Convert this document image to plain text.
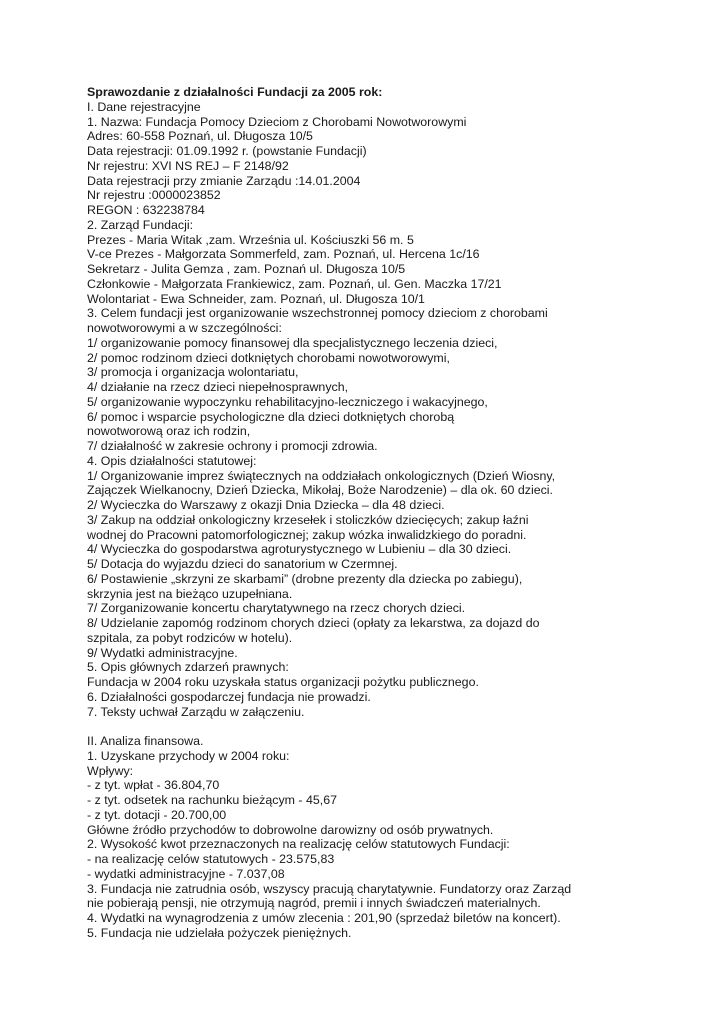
Sprawozdanie z działalności Fundacji za 2005 rok:
I. Dane rejestracyjne
1. Nazwa: Fundacja Pomocy Dzieciom z Chorobami Nowotworowymi
Adres: 60-558 Poznań, ul. Długosza 10/5
Data rejestracji: 01.09.1992 r. (powstanie Fundacji)
Nr rejestru: XVI NS REJ – F 2148/92
Data rejestracji przy zmianie Zarządu :14.01.2004
Nr rejestru :0000023852
REGON : 632238784
2. Zarząd Fundacji:
Prezes - Maria Witak ,zam. Września ul. Kościuszki 56 m. 5
V-ce Prezes - Małgorzata Sommerfeld, zam. Poznań, ul. Hercena 1c/16
Sekretarz - Julita Gemza , zam. Poznań ul. Długosza 10/5
Członkowie - Małgorzata Frankiewicz, zam. Poznań, ul. Gen. Maczka 17/21
Wolontariat - Ewa Schneider, zam. Poznań, ul. Długosza 10/1
3. Celem fundacji jest organizowanie wszechstronnej pomocy dzieciom z chorobami
nowotworowymi a w szczególności:
1/ organizowanie pomocy finansowej dla specjalistycznego leczenia dzieci,
2/ pomoc rodzinom dzieci dotkniętych chorobami nowotworowymi,
3/ promocja i organizacja wolontariatu,
4/ działanie na rzecz dzieci niepełnosprawnych,
5/ organizowanie wypoczynku rehabilitacyjno-leczniczego i wakacyjnego,
6/ pomoc i wsparcie psychologiczne dla dzieci dotkniętych chorobą
nowotworową oraz ich rodzin,
7/ działalność w zakresie ochrony i promocji zdrowia.
4. Opis działalności statutowej:
1/ Organizowanie imprez świątecznych na oddziałach onkologicznych (Dzień Wiosny,
Zajączek Wielkanocny, Dzień Dziecka, Mikołaj, Boże Narodzenie) – dla ok. 60 dzieci.
2/ Wycieczka do Warszawy z okazji Dnia Dziecka – dla 48 dzieci.
3/ Zakup na oddział onkologiczny krzesełek i stoliczków dziecięcych; zakup łaźni
wodnej do Pracowni patomorfologicznej; zakup wózka inwalidzkiego do poradni.
4/ Wycieczka do gospodarstwa agroturystycznego w Lubieniu – dla 30 dzieci.
5/ Dotacja do wyjazdu dzieci do sanatorium w Czermnej.
6/ Postawienie „skrzyni ze skarbami” (drobne prezenty dla dziecka po zabiegu),
skrzynia jest na bieżąco uzupełniana.
7/ Zorganizowanie koncertu charytatywnego na rzecz chorych dzieci.
8/ Udzielanie zapomóg rodzinom chorych dzieci (opłaty za lekarstwa, za dojazd do
szpitala, za pobyt rodziców w hotelu).
9/ Wydatki administracyjne.
5. Opis głównych zdarzeń prawnych:
Fundacja w 2004 roku uzyskała status organizacji pożytku publicznego.
6. Działalności gospodarczej fundacja nie prowadzi.
7. Teksty uchwał Zarządu w załączeniu.
II. Analiza finansowa.
1. Uzyskane przychody w 2004 roku:
Wpływy:
- z tyt. wpłat - 36.804,70
- z tyt. odsetek na rachunku bieżącym - 45,67
- z tyt. dotacji - 20.700,00
Główne źródło przychodów to dobrowolne darowizny od osób prywatnych.
2. Wysokość kwot przeznaczonych na realizację celów statutowych Fundacji:
- na realizację celów statutowych - 23.575,83
- wydatki administracyjne - 7.037,08
3. Fundacja nie zatrudnia osób, wszyscy pracują charytatywnie. Fundatorzy oraz Zarząd
nie pobierają pensji, nie otrzymują nagród, premii i innych świadczeń materialnych.
4. Wydatki na wynagrodzenia z umów zlecenia : 201,90 (sprzedaż biletów na koncert).
5. Fundacja nie udzielała pożyczek pieniężnych.
